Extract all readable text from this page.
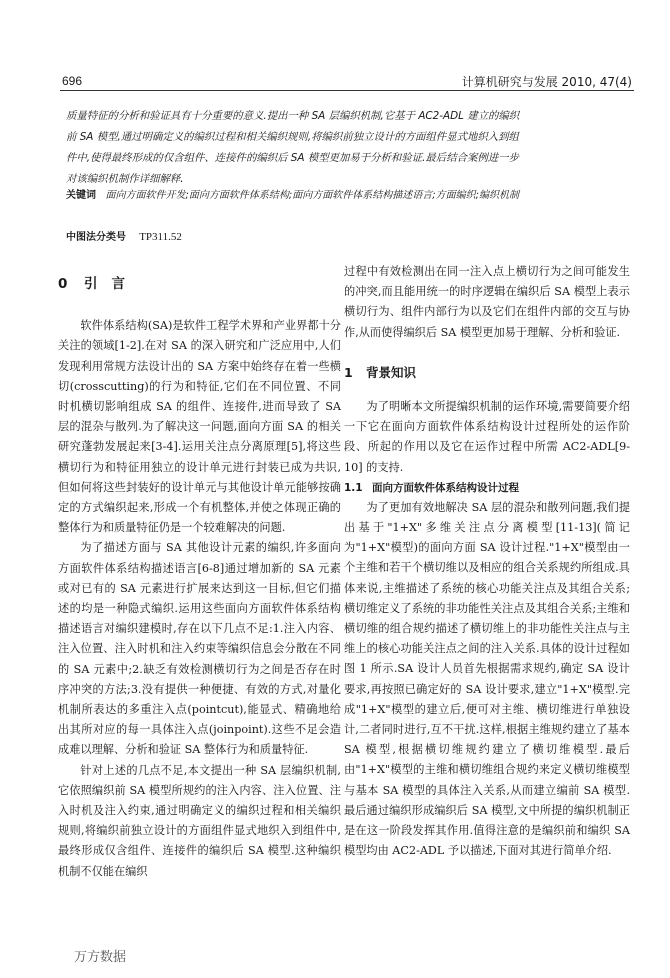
696	计算机研究与发展 2010, 47(4)

质量特征的分析和验证具有十分重要的意义.提出一种 SA 层编织机制,它基于 AC2-ADL 建立的编织

前 SA 模型,通过明确定义的编织过程和相关编织规则,将编织前独立设计的方面组件显式地织入到组

件中,使得最终形成的仅含组件、连接件的编织后 SA 模型更加易于分析和验证.最后结合案例进一步

对该编织机制作详细解释.

关键词 面向方面软件开发;面向方面软件体系结构;面向方面软件体系结构描述语言;方面编织;编织机制
中图法分类号 TP311.52
0 引言

软件体系结构(SA)是软件工程学术界和产业界都十分关注的领域[1-2].在对 SA 的深入研究和广泛应用中,人们发现利用常规方法设计出的 SA 方案中始终存在着一些横切(crosscutting)的行为和特征,它们在不同位置、不同时机横切影响组成 SA 的组件、连接件,进而导致了 SA 层的混杂与散列.为了解决这一问题,面向方面 SA 的相关研究蓬勃发展起来[3-4].运用关注点分离原理[5],将这些横切行为和特征用独立的设计单元进行封装已成为共识,但如何将这些封装好的设计单元与其他设计单元能够按确定的方式编织起来,形成一个有机整体,并使之体现正确的整体行为和质量特征仍是一个较难解决的问题.

为了描述方面与 SA 其他设计元素的编织,许多面向方面软件体系结构描述语言[6-8]通过增加新的 SA 元素或对已有的 SA 元素进行扩展来达到这一目标,但它们描述的均是一种隐式编织.运用这些面向方面软件体系结构描述语言对编织建模时,存在以下几点不足:1.注入内容、注入位置、注入时机和注入约束等编织信息会分散在不同的 SA 元素中;2.缺乏有效检测横切行为之间是否存在时序冲突的方法;3.没有提供一种便捷、有效的方式,对量化机制所表达的多重注入点(pointcut),能显式、精确地给出其所对应的每一具体注入点(joinpoint).这些不足会造成难以理解、分析和验证 SA 整体行为和质量特征.

针对上述的几点不足,本文提出一种 SA 层编织机制,它依照编织前 SA 模型所规约的注入内容、注入位置、注入时机及注入约束,通过明确定义的编织过程和相关编织规则,将编织前独立设计的方面组件显式地织入到组件中,最终形成仅含组件、连接件的编织后 SA 模型.这种编织机制不仅能在编织

过程中有效检测出在同一注入点上横切行为之间可能发生的冲突,而且能用统一的时序逻辑在编织后 SA 模型上表示横切行为、组件内部行为以及它们在组件内部的交互与协作,从而使得编织后 SA 模型更加易于理解、分析和验证.

1 背景知识

为了明晰本文所提编织机制的运作环境,需要简要介绍一下它在面向方面软件体系结构设计过程所处的运作阶段、所起的作用以及它在运作过程中所需 AC2-ADL[9-10] 的支持.

1.1 面向方面软件体系结构设计过程

为了更加有效地解决 SA 层的混杂和散列问题,我们提出基于"1+X"多维关注点分离模型[11-13](简记为"1+X"模型)的面向方面 SA 设计过程."1+X"模型由一个主维和若干个横切维以及相应的组合关系规约所组成.具体来说,主维描述了系统的核心功能关注点及其组合关系;横切维定义了系统的非功能性关注点及其组合关系;主维和横切维的组合规约描述了横切维上的非功能性关注点与主维上的核心功能关注点之间的注入关系.具体的设计过程如图 1 所示.SA 设计人员首先根据需求规约,确定 SA 设计要求,再按照已确定好的 SA 设计要求,建立"1+X"模型.完成"1+X"模型的建立后,便可对主维、横切维进行单独设计,二者同时进行,互不干扰.这样,根据主维规约建立了基本 SA 模型,根据横切维规约建立了横切维模型.最后由"1+X"模型的主维和横切维组合规约来定义横切维模型与基本 SA 模型的具体注入关系,从而建立编前 SA 模型.最后通过编织形成编织后 SA 模型,文中所提的编织机制正是在这一阶段发挥其作用.值得注意的是编织前和编织 SA 模型均由 AC2-ADL 予以描述,下面对其进行简单介绍.

万方数据
